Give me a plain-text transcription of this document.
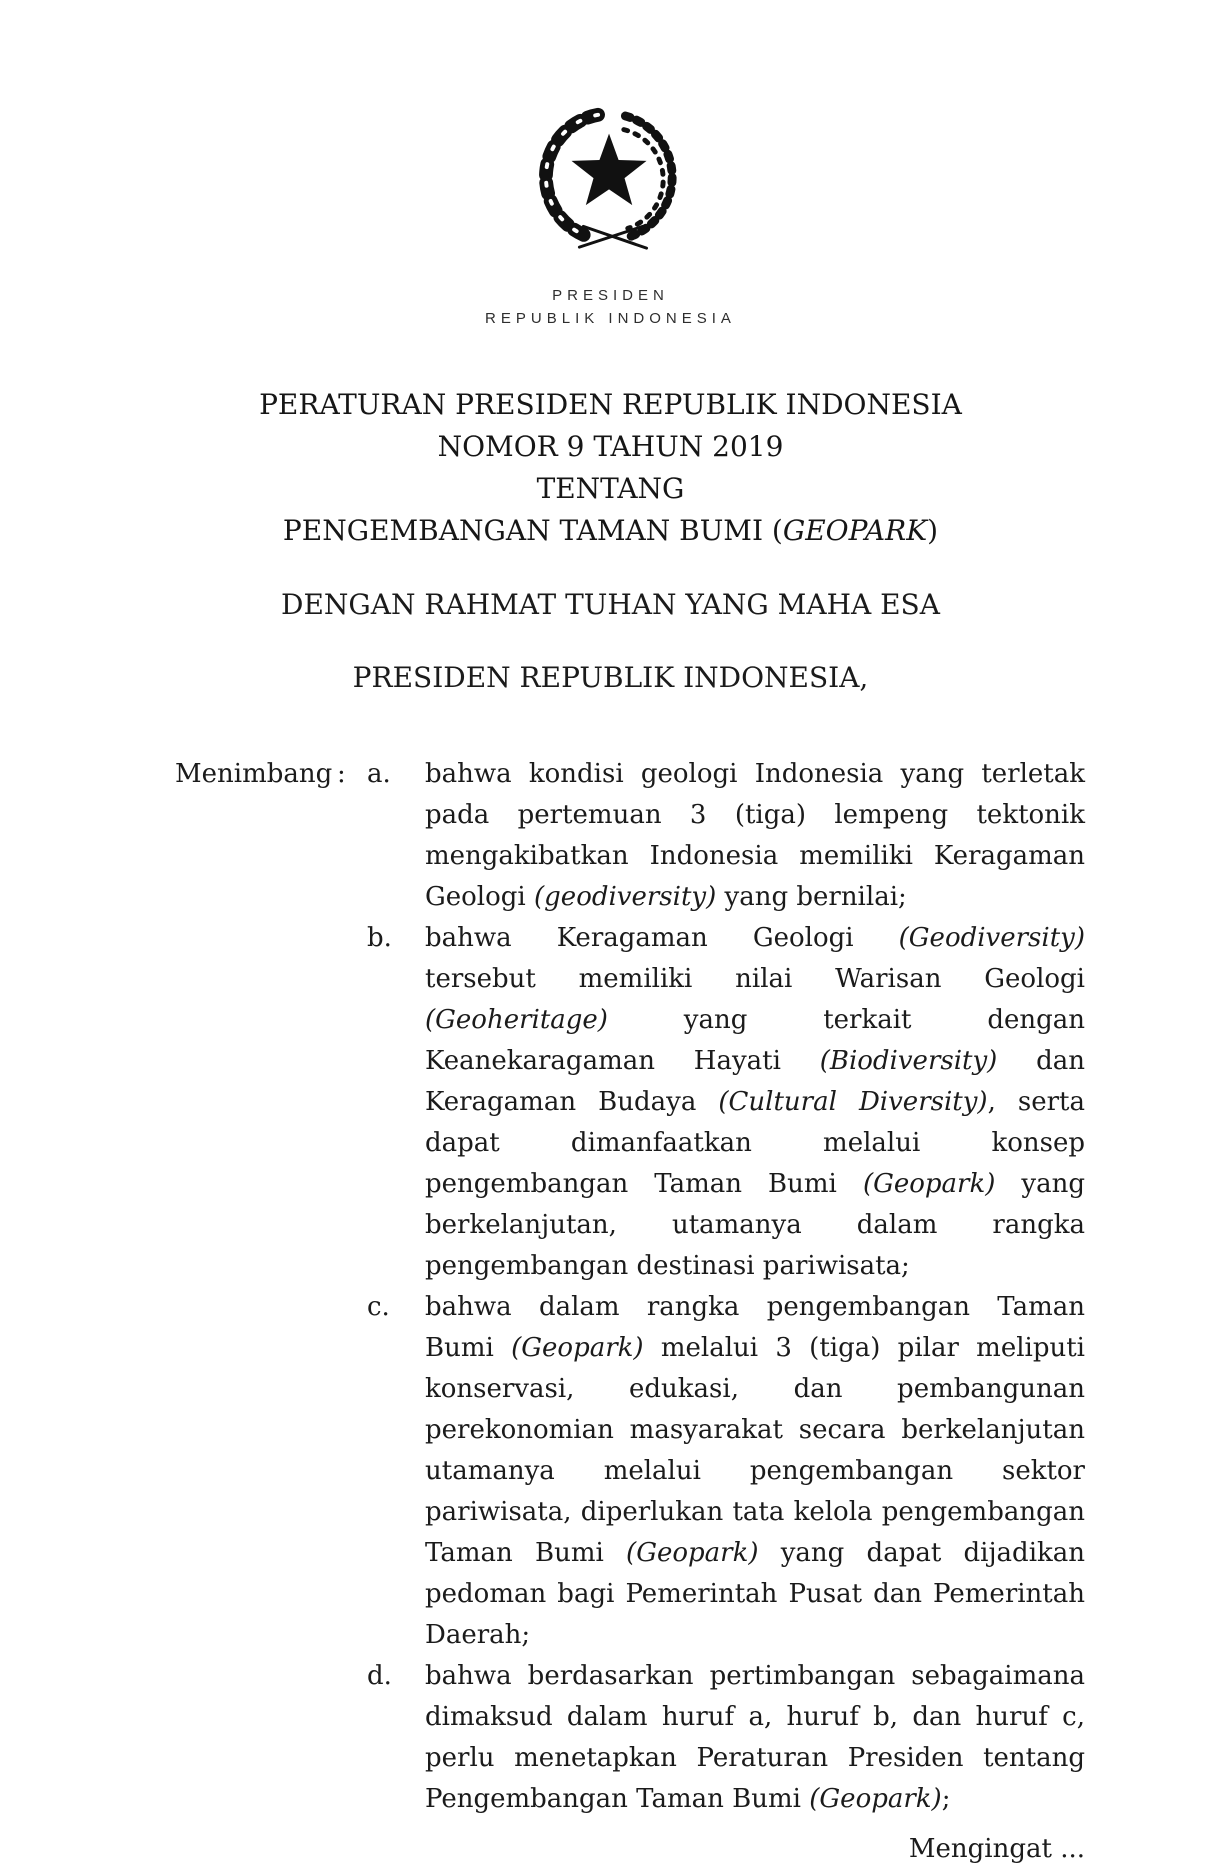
PRESIDEN
REPUBLIK INDONESIA
PERATURAN PRESIDEN REPUBLIK INDONESIA
NOMOR 9 TAHUN 2019
TENTANG
PENGEMBANGAN TAMAN BUMI (GEOPARK)
DENGAN RAHMAT TUHAN YANG MAHA ESA
PRESIDEN REPUBLIK INDONESIA,
Menimbang : a.	bahwa kondisi geologi Indonesia yang terletak pada pertemuan 3 (tiga) lempeng tektonik mengakibatkan Indonesia memiliki Keragaman Geologi (geodiversity) yang bernilai;

b.	bahwa Keragaman Geologi (Geodiversity) tersebut memiliki nilai Warisan Geologi (Geoheritage) yang terkait dengan Keanekaragaman Hayati (Biodiversity) dan Keragaman Budaya (Cultural Diversity), serta dapat dimanfaatkan melalui konsep pengembangan Taman Bumi (Geopark) yang berkelanjutan, utamanya dalam rangka pengembangan destinasi pariwisata;

c.	bahwa dalam rangka pengembangan Taman Bumi (Geopark) melalui 3 (tiga) pilar meliputi konservasi, edukasi, dan pembangunan perekonomian masyarakat secara berkelanjutan utamanya melalui pengembangan sektor pariwisata, diperlukan tata kelola pengembangan Taman Bumi (Geopark) yang dapat dijadikan pedoman bagi Pemerintah Pusat dan Pemerintah Daerah;

d.	bahwa berdasarkan pertimbangan sebagaimana dimaksud dalam huruf a, huruf b, dan huruf c, perlu menetapkan Peraturan Presiden tentang Pengembangan Taman Bumi (Geopark);

Mengingat ...
